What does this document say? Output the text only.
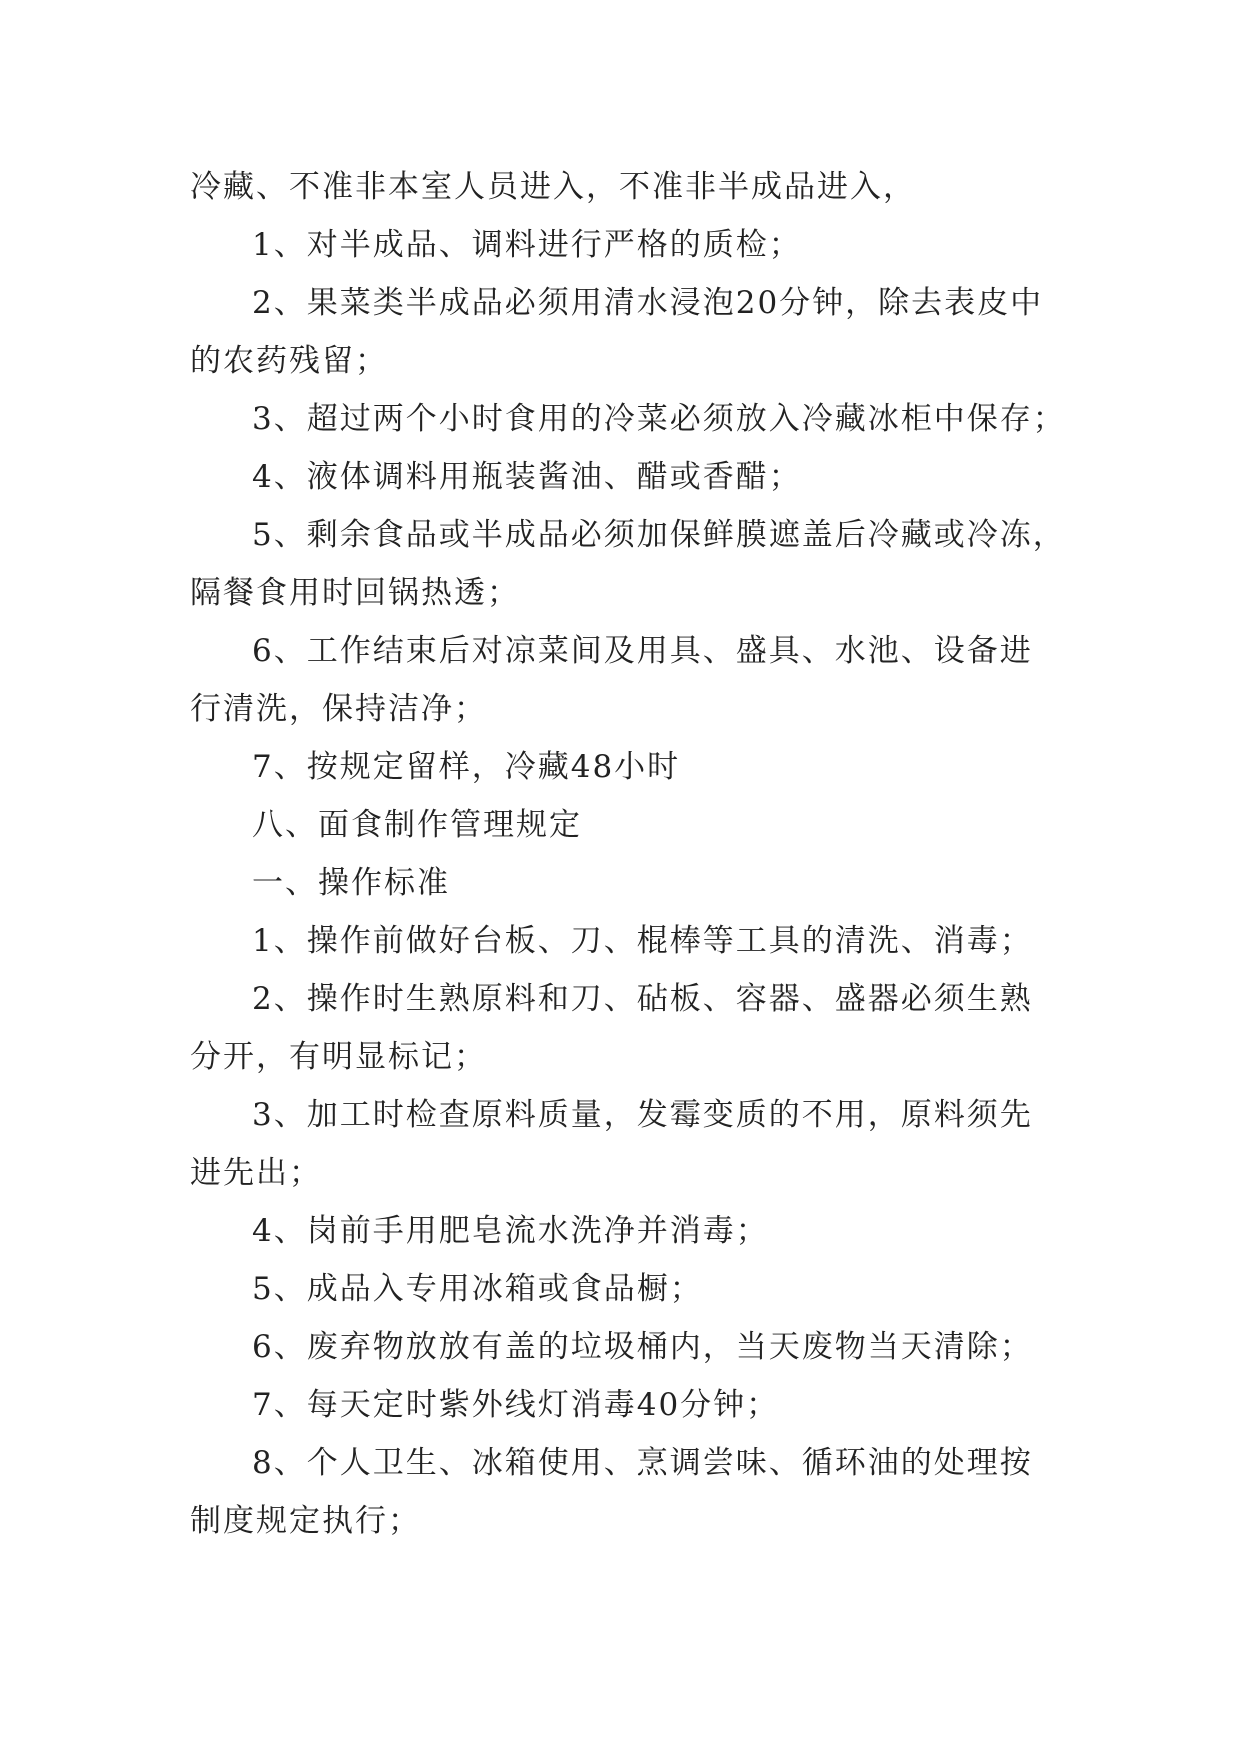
冷藏、不准非本室人员进入，不准非半成品进入，

1、对半成品、调料进行严格的质检；

2、果菜类半成品必须用清水浸泡20分钟，除去表皮中

的农药残留；

3、超过两个小时食用的冷菜必须放入冷藏冰柜中保存；

4、液体调料用瓶装酱油、醋或香醋；

5、剩余食品或半成品必须加保鲜膜遮盖后冷藏或冷冻，

隔餐食用时回锅热透；

6、工作结束后对凉菜间及用具、盛具、水池、设备进

行清洗，保持洁净；

7、按规定留样，冷藏48小时

八、面食制作管理规定

一、操作标准

1、操作前做好台板、刀、棍棒等工具的清洗、消毒；

2、操作时生熟原料和刀、砧板、容器、盛器必须生熟

分开，有明显标记；

3、加工时检查原料质量，发霉变质的不用，原料须先

进先出；

4、岗前手用肥皂流水洗净并消毒；

5、成品入专用冰箱或食品橱；

6、废弃物放放有盖的垃圾桶内，当天废物当天清除；

7、每天定时紫外线灯消毒40分钟；

8、个人卫生、冰箱使用、烹调尝味、循环油的处理按

制度规定执行；
